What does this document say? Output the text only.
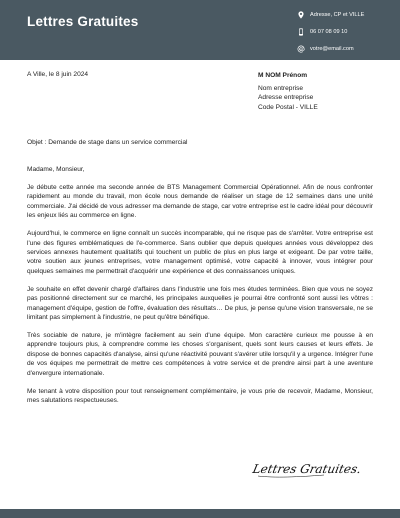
Lettres Gratuites	Adresse, CP et VILLE
06 07 08 09 10
votre@email.com
A Ville, le 8 juin 2024	M NOM Prénom
Nom entreprise
Adresse entreprise
Code Postal - VILLE
Objet : Demande de stage dans un service commercial

Madame, Monsieur,

Je débute cette année ma seconde année de BTS Management Commercial Opérationnel. Afin de nous confronter rapidement au monde du travail, mon école nous demande de réaliser un stage de 12 semaines dans une unité commerciale. J'ai décidé de vous adresser ma demande de stage, car votre entreprise est le cadre idéal pour découvrir les enjeux liés au commerce en ligne.

Aujourd'hui, le commerce en ligne connaît un succès incomparable, qui ne risque pas de s'arrêter. Votre entreprise est l'une des figures emblématiques de l'e-commerce. Sans oublier que depuis quelques années vous développez des services annexes hautement qualitatifs qui touchent un public de plus en plus large et exigeant. De par votre taille, votre soutien aux jeunes entreprises, votre management optimisé, votre capacité à innover, vous intégrer pour quelques semaines me permettrait d'acquérir une expérience et des connaissances uniques.

Je souhaite en effet devenir chargé d'affaires dans l'industrie une fois mes études terminées. Bien que vous ne soyez pas positionné directement sur ce marché, les principales auxquelles je pourrai être confronté sont aussi les vôtres : management d'équipe, gestion de l'offre, évaluation des résultats… De plus, je pense qu'une vision transversale, ne se limitant pas simplement à l'industrie, ne peut qu'être bénéfique.

Très sociable de nature, je m'intègre facilement au sein d'une équipe. Mon caractère curieux me pousse à en apprendre toujours plus, à comprendre comme les choses s'organisent, quels sont leurs causes et leurs effets. Je dispose de bonnes capacités d'analyse, ainsi qu'une réactivité pouvant s'avérer utile lorsqu'il y a urgence. Intégrer l'une de vos équipes me permettrait de mettre ces compétences à votre service et de prendre ainsi part à une aventure d'envergure internationale.

Me tenant à votre disposition pour tout renseignement complémentaire, je vous prie de recevoir, Madame, Monsieur, mes salutations respectueuses.

Lettres Gratuites.
